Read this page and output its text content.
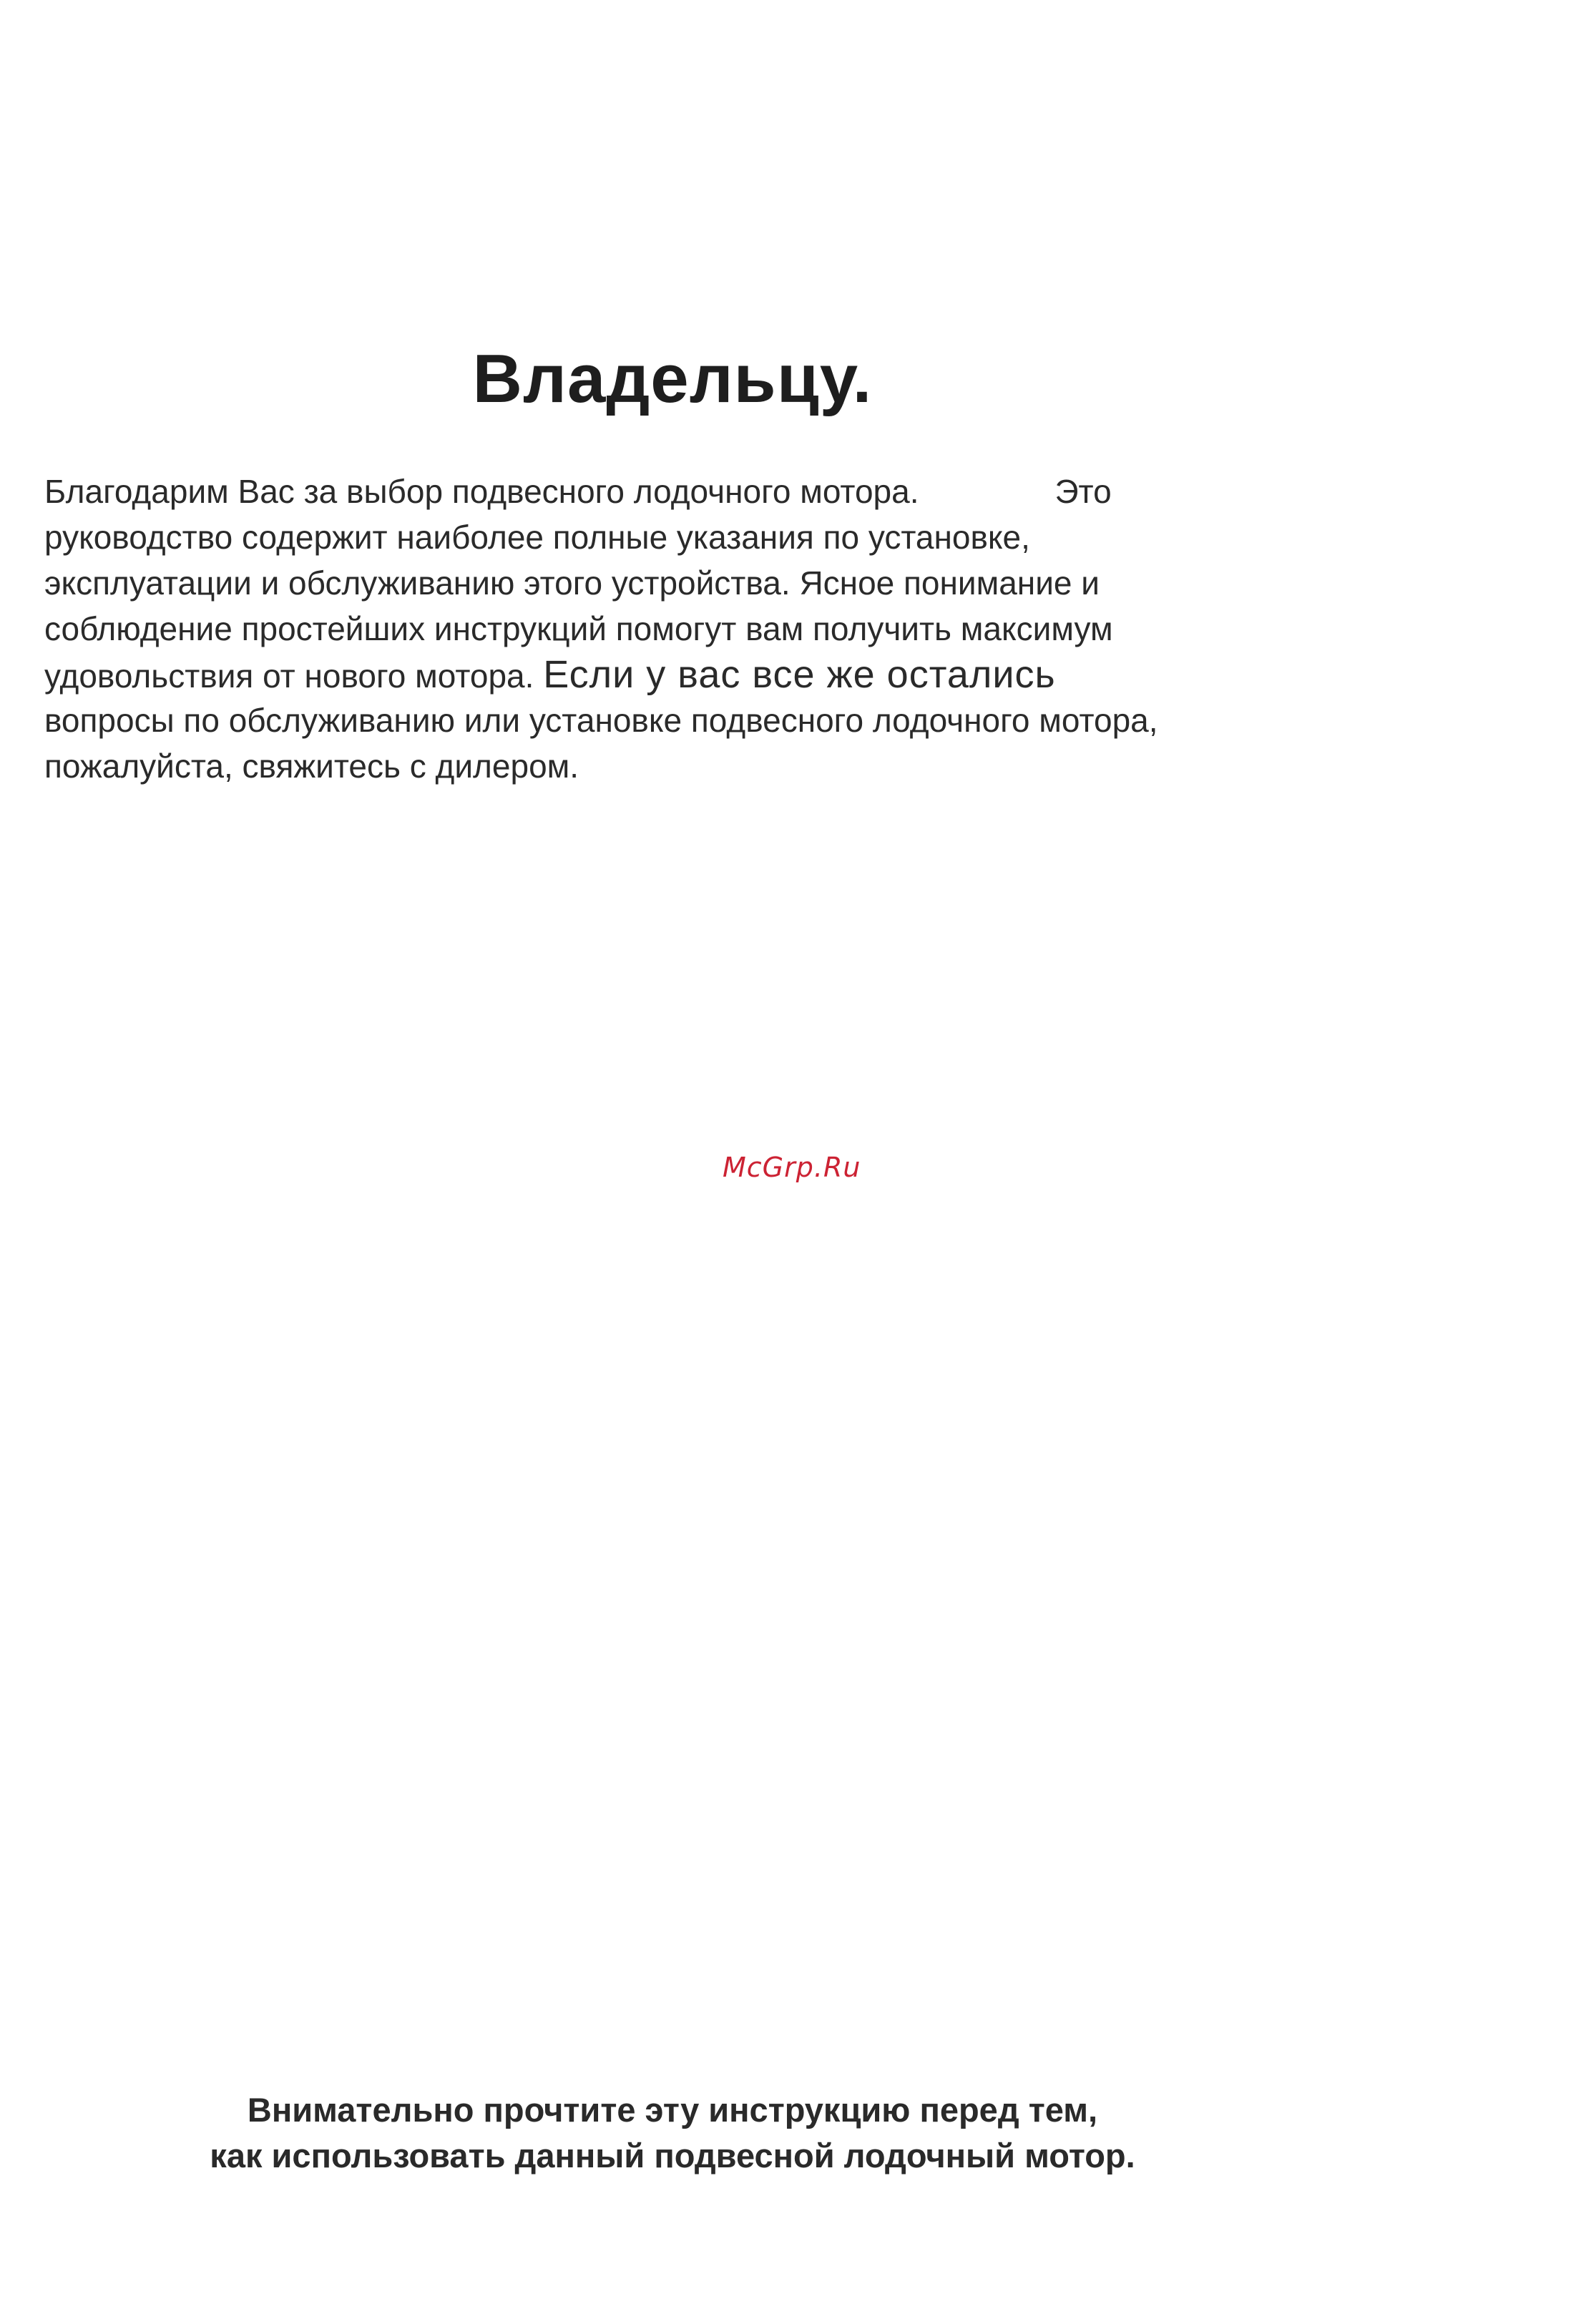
Владельцу.
Благодарим Вас за выбор подвесного лодочного мотора.	Это
руководство содержит наиболее полные указания по установке,
эксплуатации и обслуживанию этого устройства. Ясное понимание и
соблюдение простейших инструкций помогут вам получить максимум
удовольствия от нового мотора. Если у вас все же остались
вопросы по обслуживанию или установке подвесного лодочного мотора,
пожалуйста, свяжитесь с дилером.
McGrp.Ru
Внимательно прочтите эту инструкцию перед тем,
как использовать данный подвесной лодочный мотор.
